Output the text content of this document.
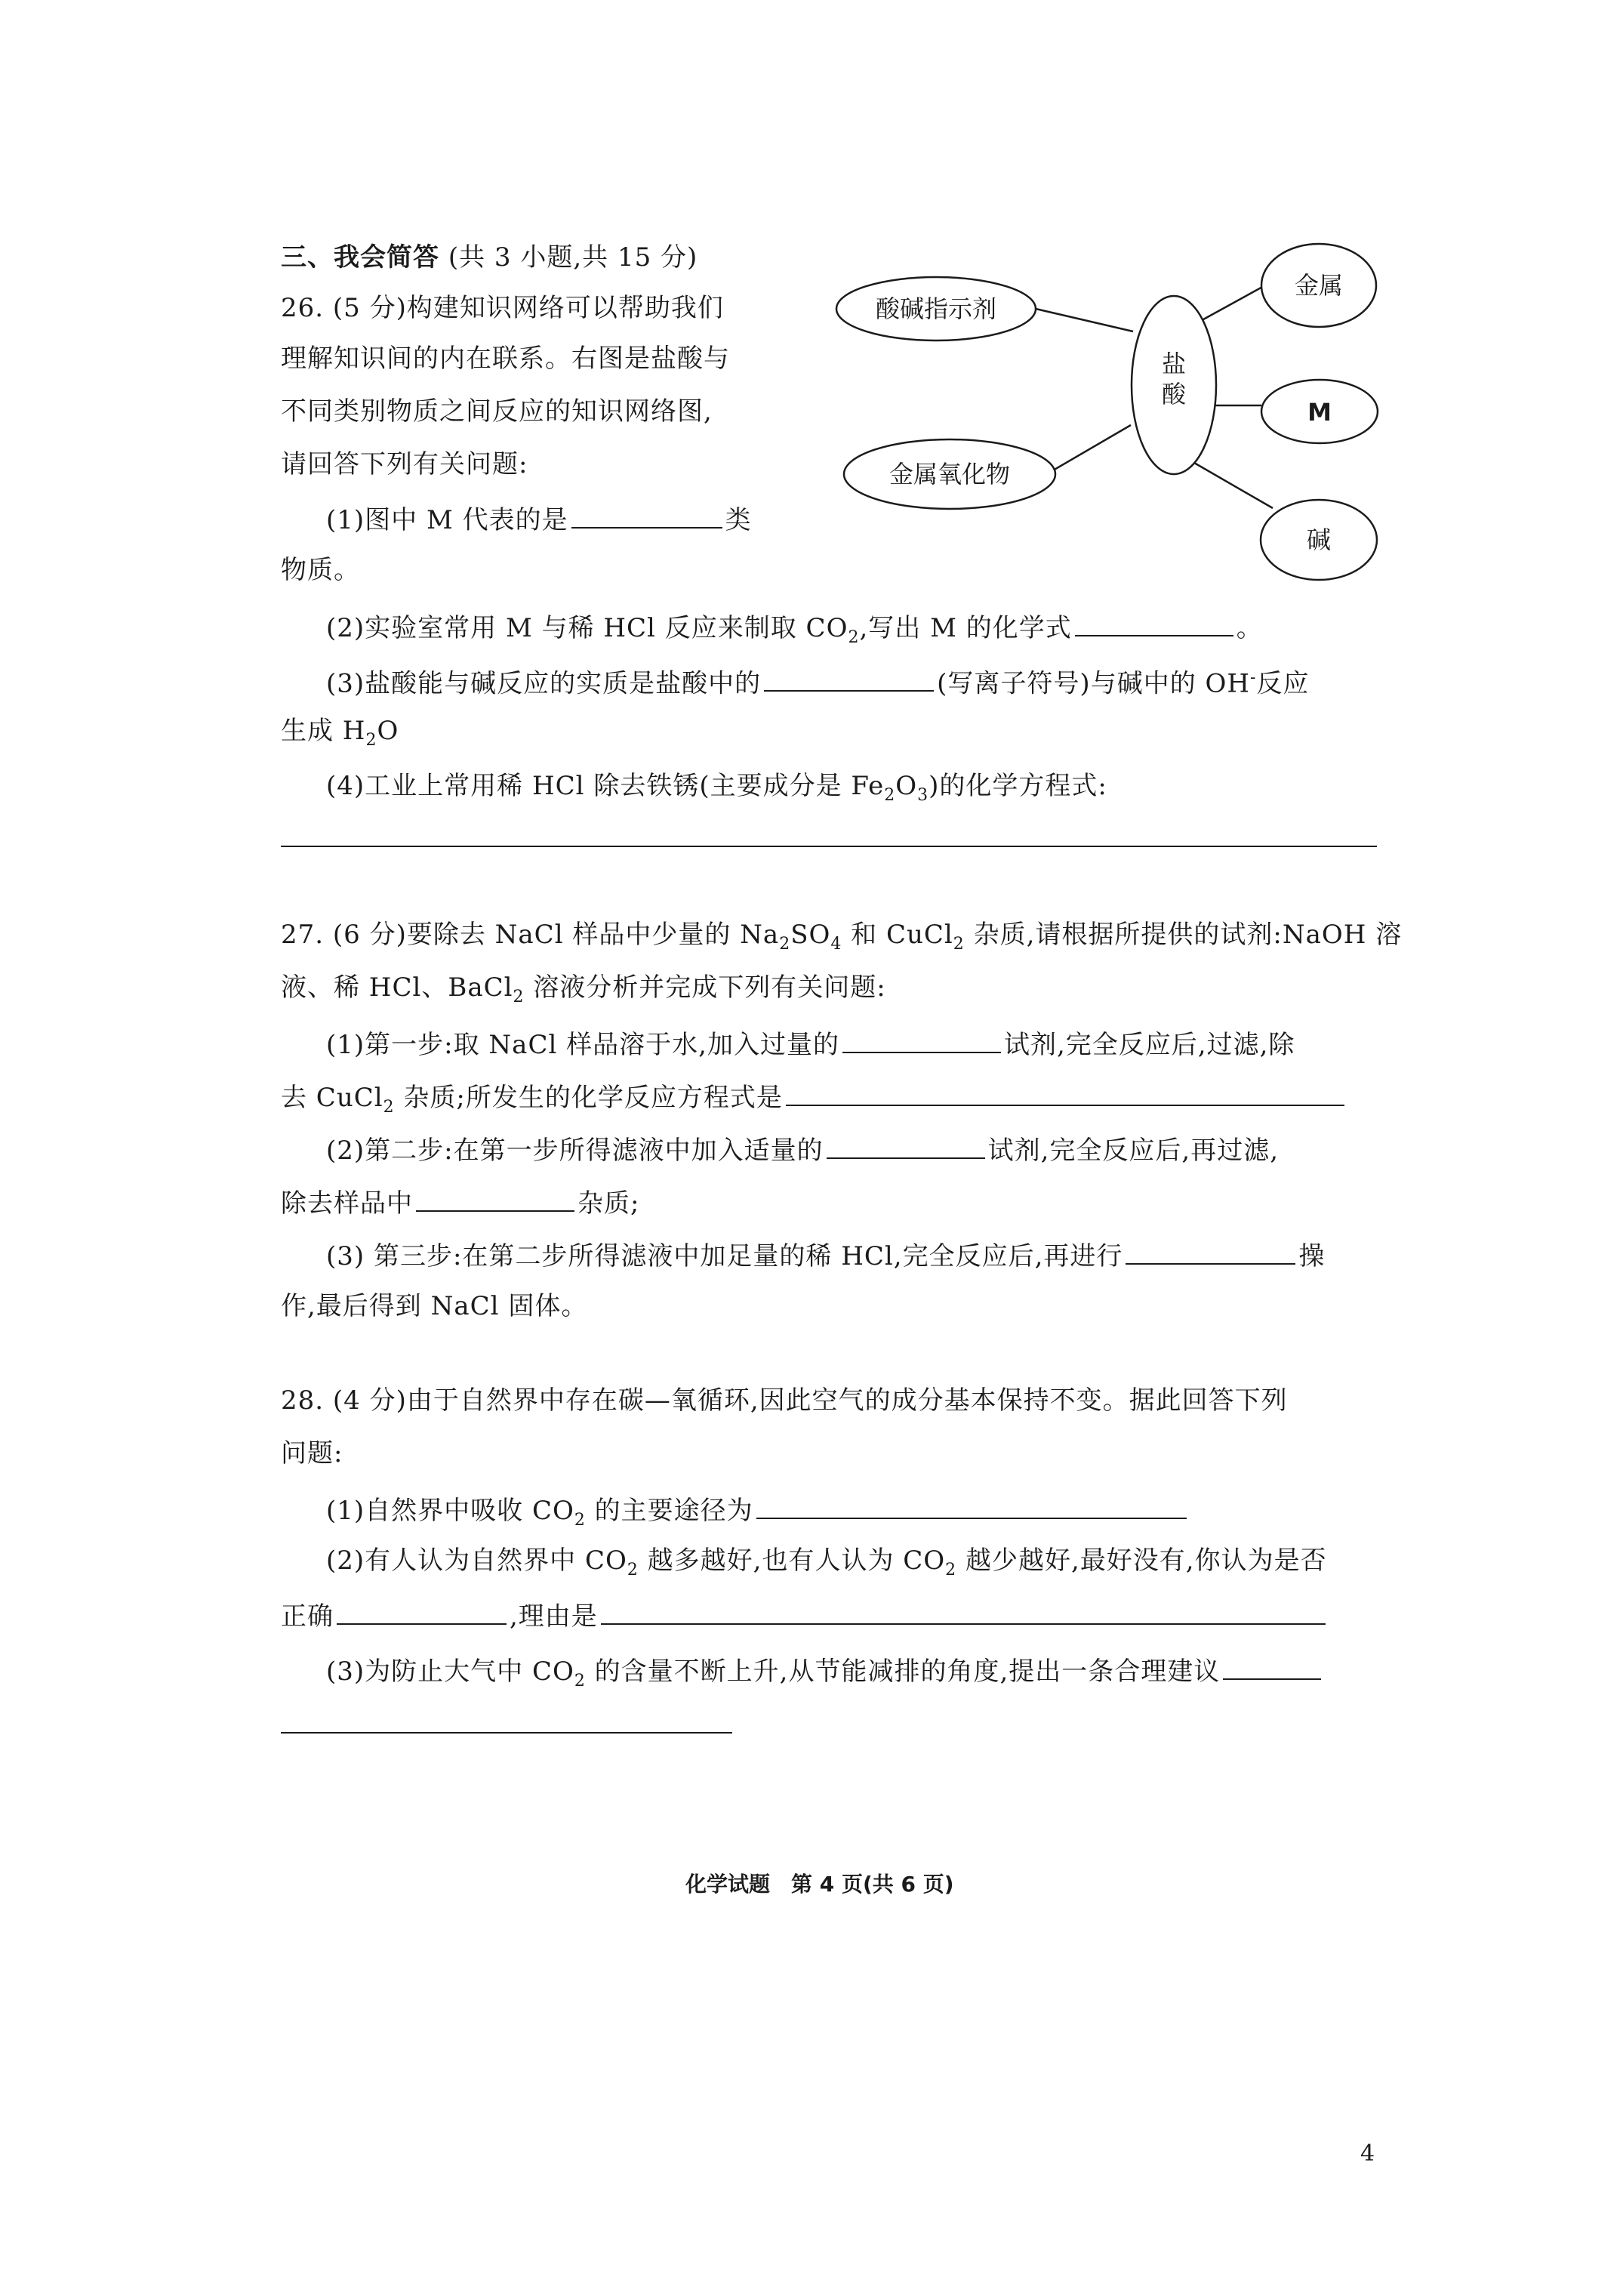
三、我会简答 (共 3 小题,共 15 分)
26. (5 分)构建知识网络可以帮助我们
理解知识间的内在联系。右图是盐酸与
不同类别物质之间反应的知识网络图,
请回答下列有关问题:
(1)图中 M 代表的是	类
物质。
(2)实验室常用 M 与稀 HCl 反应来制取 $CO_2$,写出 M 的化学式	。
(3)盐酸能与碱反应的实质是盐酸中的	(写离子符号)与碱中的 OH-反应
生成 $H_2O$
(4)工业上常用稀 HCl 除去铁锈(主要成分是 $Fe_2O_3$)的化学方程式:
酸碱指示剂
金属
盐
酸
M
金属氧化物
碱
27. (6 分)要除去 NaCl 样品中少量的 $Na_2SO_4$ 和 CuCl$_2$ 杂质,请根据所提供的试剂:NaOH 溶
液、稀 HCl、BaCl$_2$ 溶液分析并完成下列有关问题:
(1)第一步:取 NaCl 样品溶于水,加入过量的	试剂,完全反应后,过滤,除
去 CuCl$_2$ 杂质;所发生的化学反应方程式是
(2)第二步:在第一步所得滤液中加入适量的	试剂,完全反应后,再过滤,
除去样品中	杂质;
(3) 第三步:在第二步所得滤液中加足量的稀 HCl,完全反应后,再进行	操
作,最后得到 NaCl 固体。
28. (4 分)由于自然界中存在碳—氧循环,因此空气的成分基本保持不变。据此回答下列
问题:
(1)自然界中吸收 $CO_2$ 的主要途径为
(2)有人认为自然界中 $CO_2$ 越多越好,也有人认为 $CO_2$ 越少越好,最好没有,你认为是否
正确	,理由是
(3)为防止大气中 $CO_2$ 的含量不断上升,从节能减排的角度,提出一条合理建议
化学试题　第 4 页(共 6 页)
4
